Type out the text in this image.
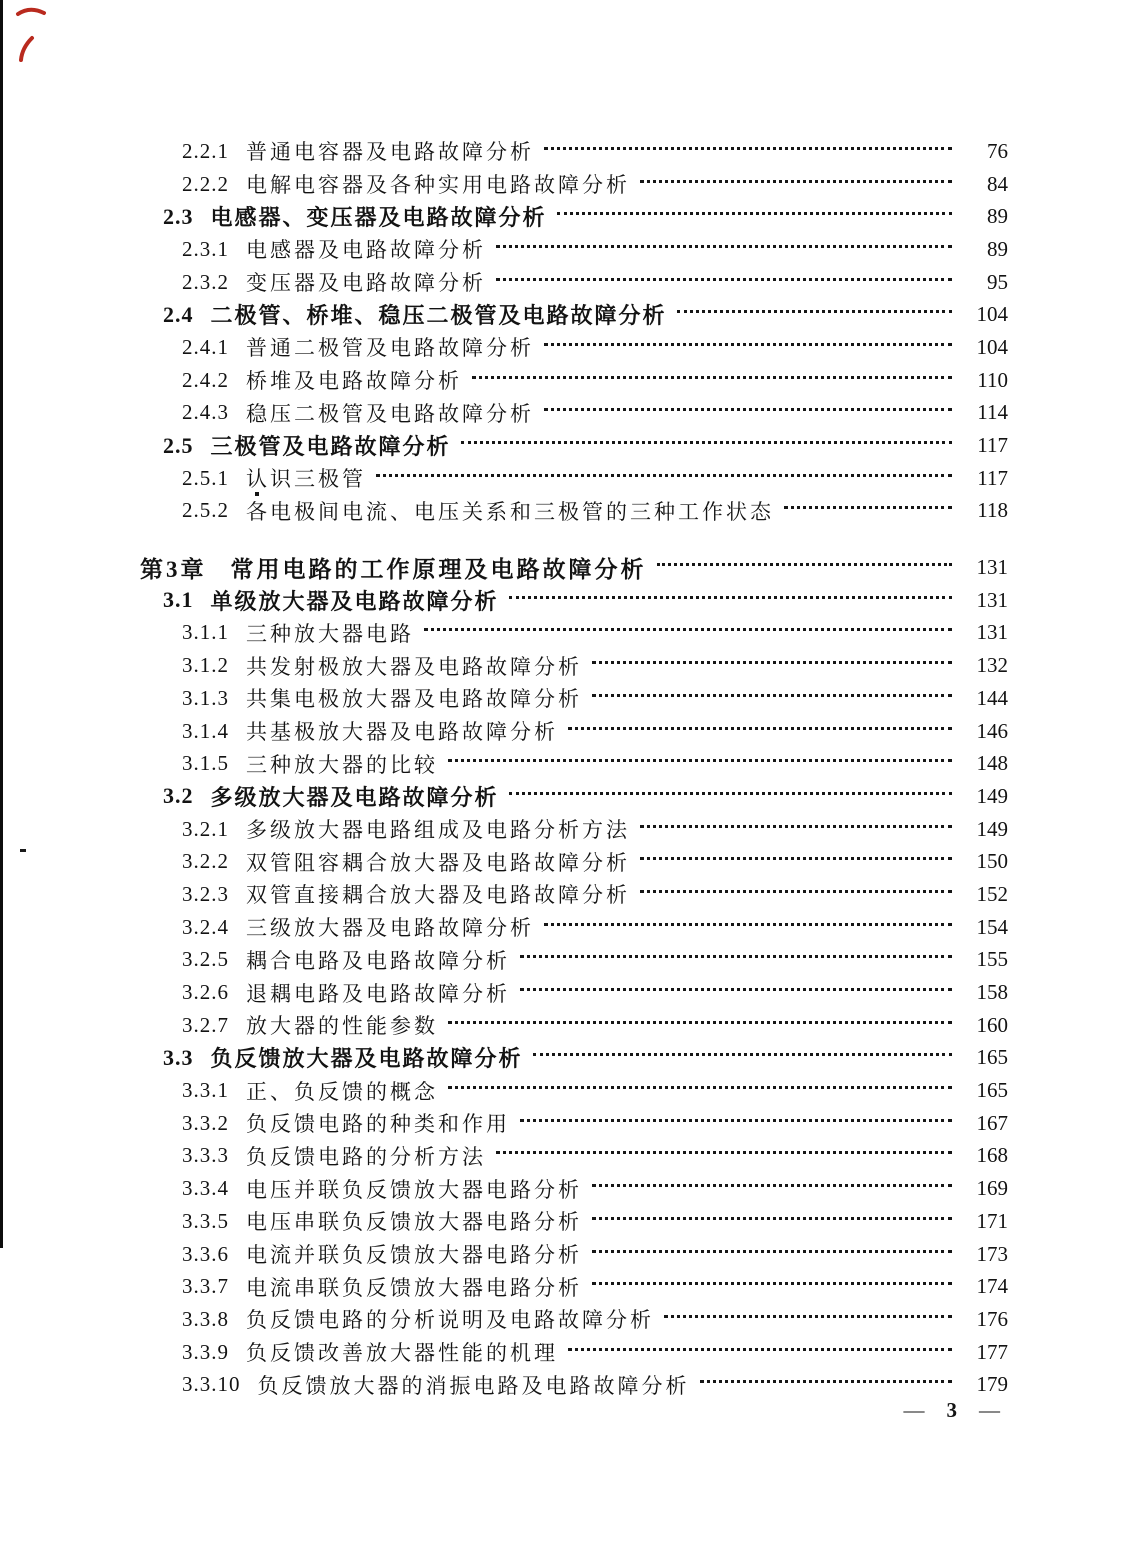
2.2.1 普通电容器及电路故障分析	76
2.2.2 电解电容器及各种实用电路故障分析	84
2.3 电感器、变压器及电路故障分析	89
2.3.1 电感器及电路故障分析	89
2.3.2 变压器及电路故障分析	95
2.4 二极管、桥堆、稳压二极管及电路故障分析	104
2.4.1 普通二极管及电路故障分析	104
2.4.2 桥堆及电路故障分析	110
2.4.3 稳压二极管及电路故障分析	114
2.5 三极管及电路故障分析	117
2.5.1 认识三极管	117
2.5.2 各电极间电流、电压关系和三极管的三种工作状态	118
第3章 常用电路的工作原理及电路故障分析	131
3.1 单级放大器及电路故障分析	131
3.1.1 三种放大器电路	131
3.1.2 共发射极放大器及电路故障分析	132
3.1.3 共集电极放大器及电路故障分析	144
3.1.4 共基极放大器及电路故障分析	146
3.1.5 三种放大器的比较	148
3.2 多级放大器及电路故障分析	149
3.2.1 多级放大器电路组成及电路分析方法	149
3.2.2 双管阻容耦合放大器及电路故障分析	150
3.2.3 双管直接耦合放大器及电路故障分析	152
3.2.4 三级放大器及电路故障分析	154
3.2.5 耦合电路及电路故障分析	155
3.2.6 退耦电路及电路故障分析	158
3.2.7 放大器的性能参数	160
3.3 负反馈放大器及电路故障分析	165
3.3.1 正、负反馈的概念	165
3.3.2 负反馈电路的种类和作用	167
3.3.3 负反馈电路的分析方法	168
3.3.4 电压并联负反馈放大器电路分析	169
3.3.5 电压串联负反馈放大器电路分析	171
3.3.6 电流并联负反馈放大器电路分析	173
3.3.7 电流串联负反馈放大器电路分析	174
3.3.8 负反馈电路的分析说明及电路故障分析	176
3.3.9 负反馈改善放大器性能的机理	177
3.3.10 负反馈放大器的消振电路及电路故障分析	179
— 3 —
